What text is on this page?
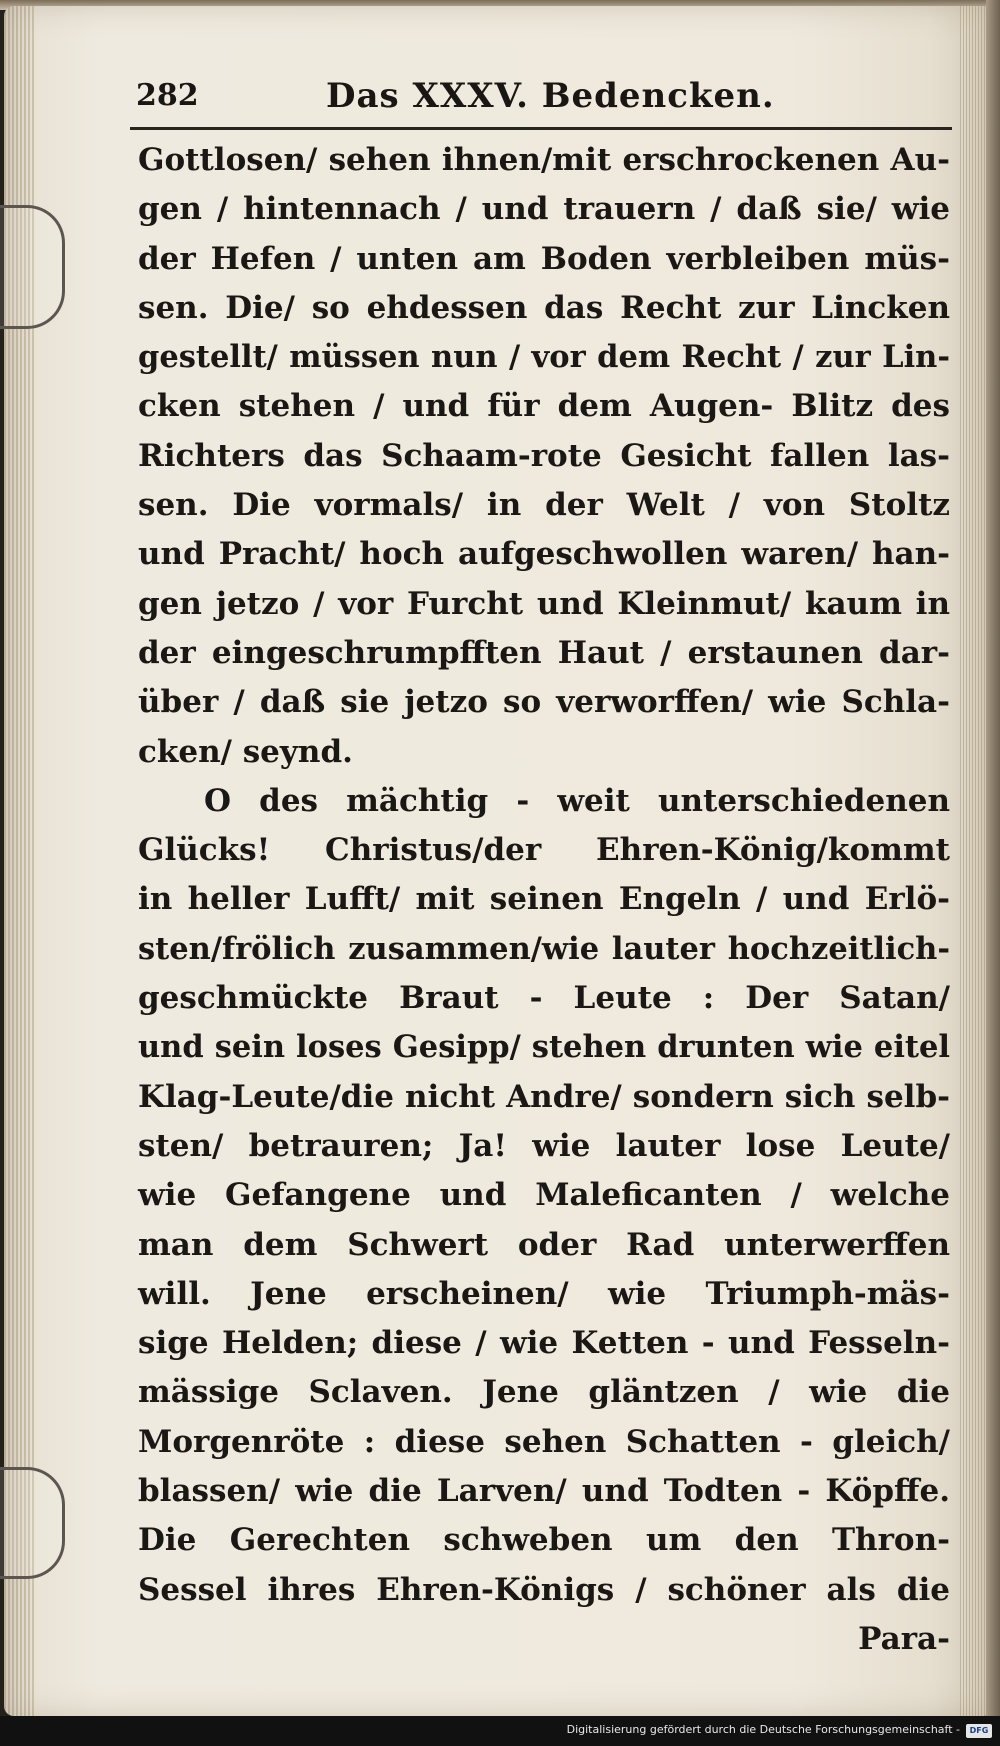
282	Das XXXV. Bedencken.
Gottlosen/ sehen ihnen/mit erschrockenen Au-
gen / hintennach / und trauern / daß sie/ wie
der Hefen / unten am Boden verbleiben müs-
sen. Die/ so ehdessen das Recht zur Lincken
gestellt/ müssen nun / vor dem Recht / zur Lin-
cken stehen / und für dem Augen- Blitz des
Richters das Schaam-rote Gesicht fallen las-
sen. Die vormals/ in der Welt / von Stoltz
und Pracht/ hoch aufgeschwollen waren/ han-
gen jetzo / vor Furcht und Kleinmut/ kaum in
der eingeschrumpfften Haut / erstaunen dar-
über / daß sie jetzo so verworffen/ wie Schla-
cken/ seynd.
O des mächtig - weit unterschiedenen
Glücks! Christus/der Ehren-König/kommt
in heller Lufft/ mit seinen Engeln / und Erlö-
sten/frölich zusammen/wie lauter hochzeitlich-
geschmückte Braut - Leute : Der Satan/
und sein loses Gesipp/ stehen drunten wie eitel
Klag-Leute/die nicht Andre/ sondern sich selb-
sten/ betrauren; Ja! wie lauter lose Leute/
wie Gefangene und Maleficanten / welche
man dem Schwert oder Rad unterwerffen
will. Jene erscheinen/ wie Triumph-mäs-
sige Helden; diese / wie Ketten - und Fesseln-
mässige Sclaven. Jene gläntzen / wie die
Morgenröte : diese sehen Schatten - gleich/
blassen/ wie die Larven/ und Todten - Köpffe.
Die Gerechten schweben um den Thron-
Sessel ihres Ehren-Königs / schöner als die
Para-
Digitalisierung gefördert durch die Deutsche Forschungsgemeinschaft -	DFG
